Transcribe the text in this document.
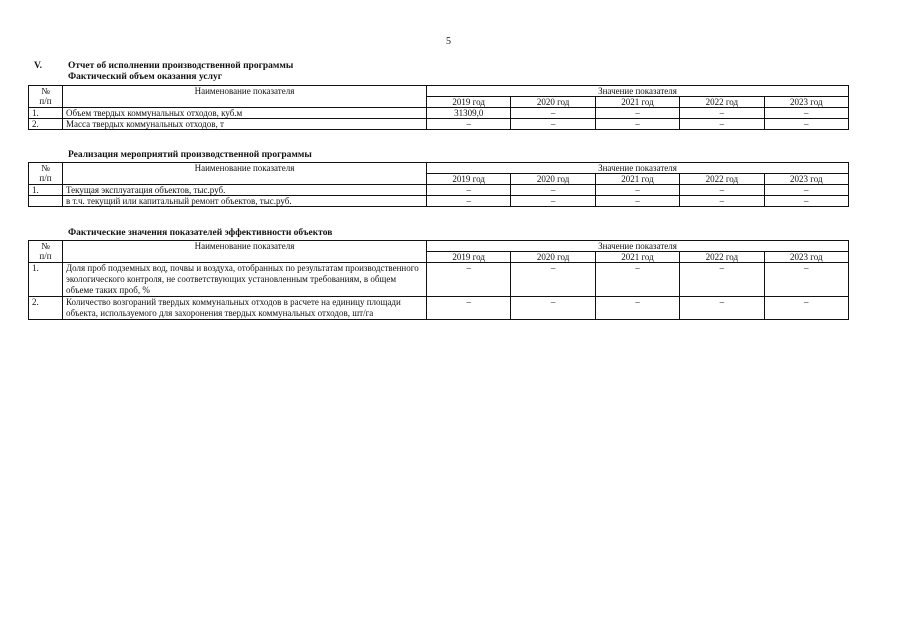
5
V.	Отчет об исполнении производственной программы
Фактический объем оказания услуг
№
п/п	Наименование показателя	Значение показателя				
		2019 год	2020 год	2021 год	2022 год	2023 год
1.	Объем твердых коммунальных отходов, куб.м	31309,0	–	–	–	–
2.	Масса твердых коммунальных отходов, т	–	–	–	–	–
Реализация мероприятий производственной программы
№
п/п	Наименование показателя	Значение показателя				
		2019 год	2020 год	2021 год	2022 год	2023 год
1.	Текущая эксплуатация объектов, тыс.руб.	–	–	–	–	–
	в т.ч. текущий или капитальный ремонт объектов, тыс.руб.	–	–	–	–	–
Фактические значения показателей эффективности объектов
№
п/п	Наименование показателя	Значение показателя				
		2019 год	2020 год	2021 год	2022 год	2023 год
1.	Доля проб подземных вод, почвы и воздуха, отобранных по результатам производственного экологического контроля, не соответствующих установленным требованиям, в общем объеме таких проб, %	–	–	–	–	–
2.	Количество возгораний твердых коммунальных отходов в расчете на единицу площади объекта, используемого для захоронения твердых коммунальных отходов, шт/га	–	–	–	–	–
